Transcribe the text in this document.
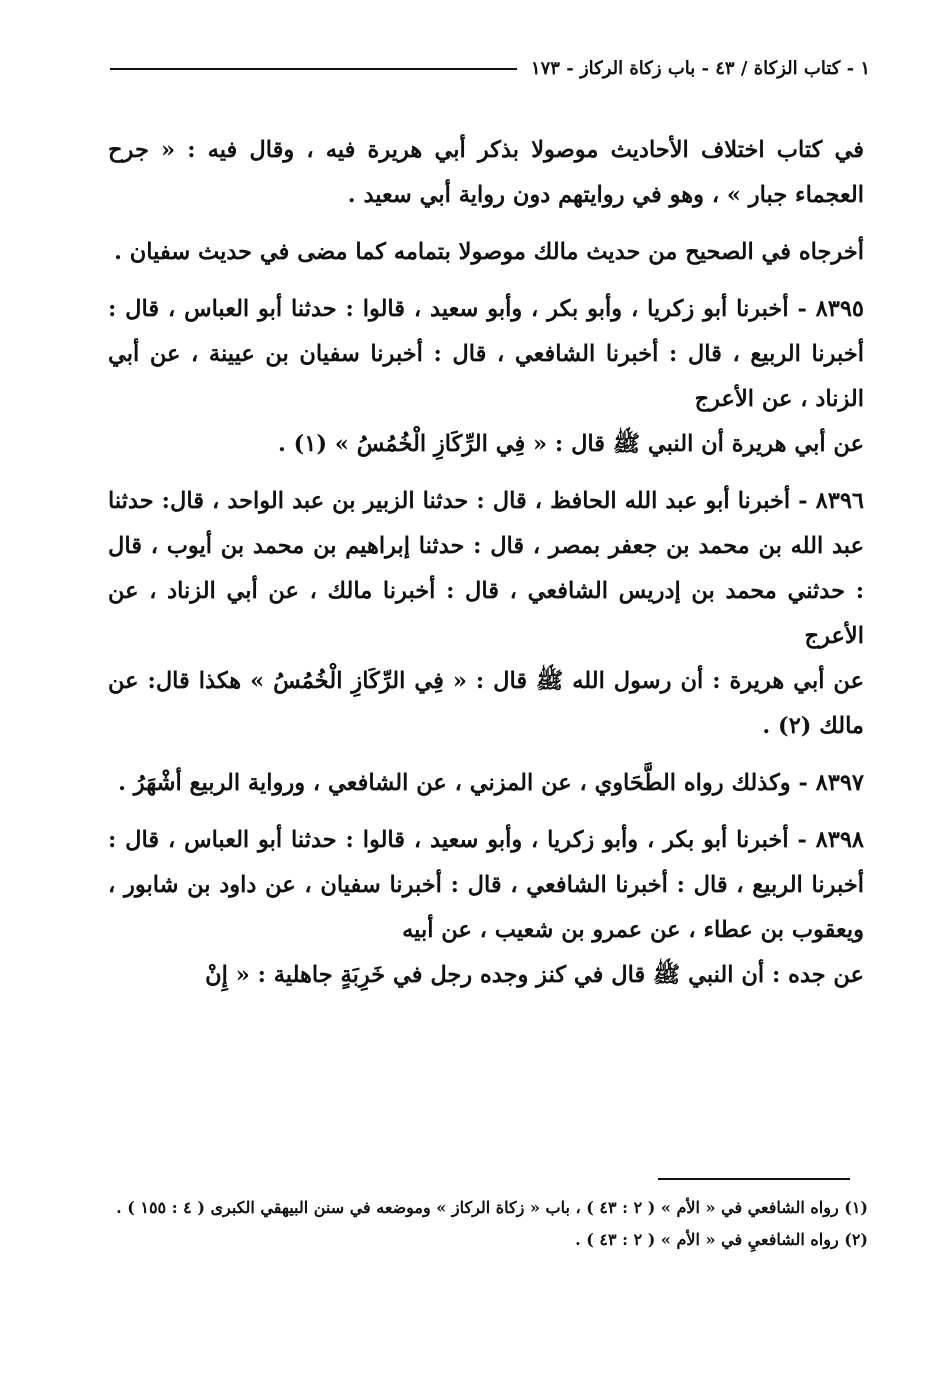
١ - كتاب الزكاة / ٤٣ - باب زكاة الركاز - ١٧٣

في كتاب اختلاف الأحاديث موصولا بذكر أبي هريرة فيه ، وقال فيه : « جرح العجماء جبار » ، وهو في روايتهم دون رواية أبي سعيد .

أخرجاه في الصحيح من حديث مالك موصولا بتمامه كما مضى في حديث سفيان .

٨٣٩٥ - أخبرنا أبو زكريا ، وأبو بكر ، وأبو سعيد ، قالوا : حدثنا أبو العباس ، قال : أخبرنا الربيع ، قال : أخبرنا الشافعي ، قال : أخبرنا سفيان بن عيينة ، عن أبي الزناد ، عن الأعرج

عن أبي هريرة أن النبي ﷺ قال : « فِي الرِّكَازِ الْخُمُسُ » (١) .

٨٣٩٦ - أخبرنا أبو عبد الله الحافظ ، قال : حدثنا الزبير بن عبد الواحد ، قال: حدثنا عبد الله بن محمد بن جعفر بمصر ، قال : حدثنا إبراهيم بن محمد بن أيوب ، قال : حدثني محمد بن إدريس الشافعي ، قال : أخبرنا مالك ، عن أبي الزناد ، عن الأعرج

عن أبي هريرة : أن رسول الله ﷺ قال : « فِي الرِّكَازِ الْخُمُسُ » هكذا قال: عن مالك (٢) .

٨٣٩٧ - وكذلك رواه الطَّحَاوي ، عن المزني ، عن الشافعي ، ورواية الربيع أشْهَرُ .

٨٣٩٨ - أخبرنا أبو بكر ، وأبو زكريا ، وأبو سعيد ، قالوا : حدثنا أبو العباس ، قال : أخبرنا الربيع ، قال : أخبرنا الشافعي ، قال : أخبرنا سفيان ، عن داود بن شابور ، ويعقوب بن عطاء ، عن عمرو بن شعيب ، عن أبيه

عن جده : أن النبي ﷺ قال في كنز وجده رجل في خَرِبَةٍ جاهلية : « إِنْ

(١) رواه الشافعي في « الأم » ( ٢ : ٤٣ ) ، باب « زكاة الركاز » وموضعه في سنن البيهقي الكبرى ( ٤ : ١٥٥ ) .

(٢) رواه الشافعيِ في « الأم » ( ٢ : ٤٣ ) .
